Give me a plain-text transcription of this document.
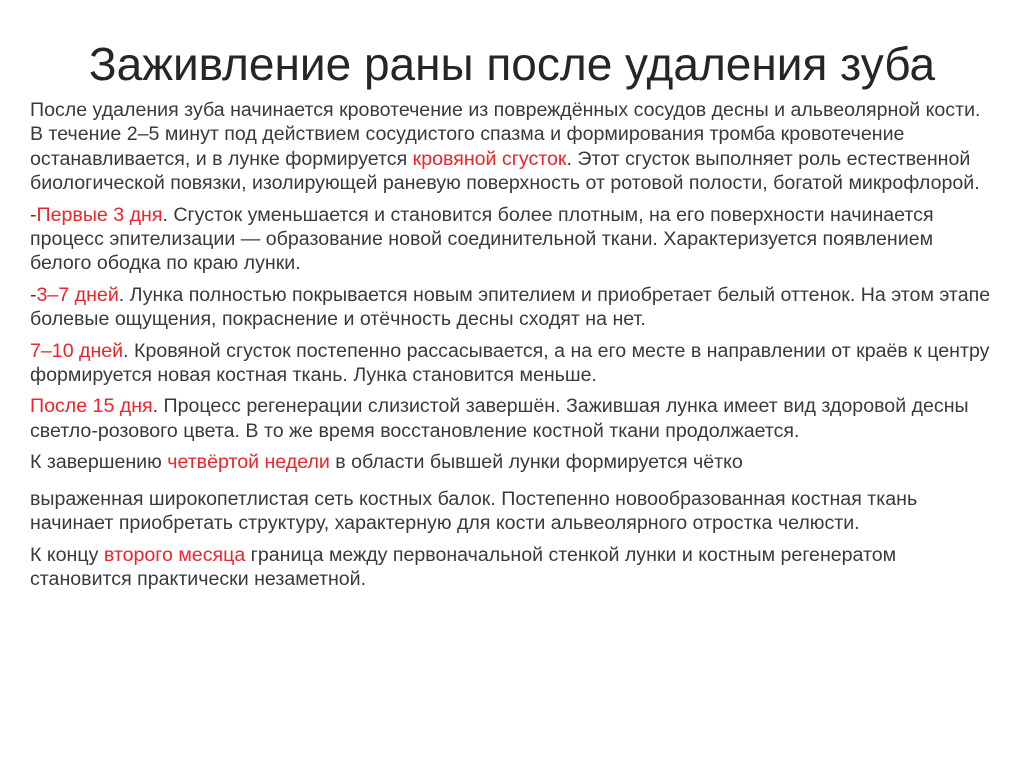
Заживление раны после удаления зуба

После удаления зуба начинается кровотечение из повреждённых сосудов десны и альвеолярной кости. В течение 2–5 минут под действием сосудистого спазма и формирования тромба кровотечение останавливается, и в лунке формируется кровяной сгусток. Этот сгусток выполняет роль естественной биологической повязки, изолирующей раневую поверхность от ротовой полости, богатой микрофлорой.

-Первые 3 дня. Сгусток уменьшается и становится более плотным, на его поверхности начинается процесс эпителизации — образование новой соединительной ткани. Характеризуется появлением белого ободка по краю лунки.

-3–7 дней. Лунка полностью покрывается новым эпителием и приобретает белый оттенок. На этом этапе болевые ощущения, покраснение и отёчность десны сходят на нет.

7–10 дней. Кровяной сгусток постепенно рассасывается, а на его месте в направлении от краёв к центру формируется новая костная ткань. Лунка становится меньше.

После 15 дня. Процесс регенерации слизистой завершён. Зажившая лунка имеет вид здоровой десны светло-розового цвета. В то же время восстановление костной ткани продолжается.

К завершению четвёртой недели в области бывшей лунки формируется чётко

выраженная широкопетлистая сеть костных балок. Постепенно новообразованная костная ткань начинает приобретать структуру, характерную для кости альвеолярного отростка челюсти.

К концу второго месяца граница между первоначальной стенкой лунки и костным регенератом становится практически незаметной.
